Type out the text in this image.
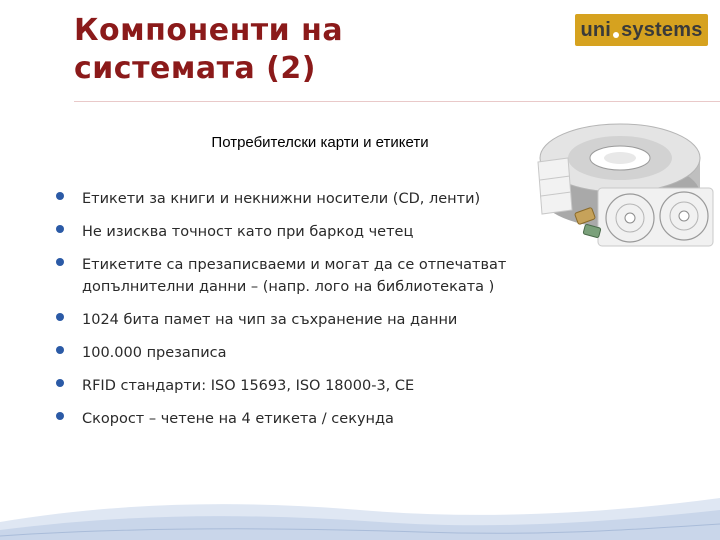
Компоненти на
системата (2)
uni systems
Потребителски карти и етикети
Етикети за книги и некнижни носители (CD, ленти)
Не изисква точност като при баркод четец
Етикетите са презаписваеми и могат да се отпечатват допълнителни данни – (напр. лого на библиотеката )
1024 бита памет на чип за съхранение на данни
100.000 презаписа
RFID стандарти: ISO 15693, ISO 18000-3, CE
Скорост – четене на 4 етикета / секунда
